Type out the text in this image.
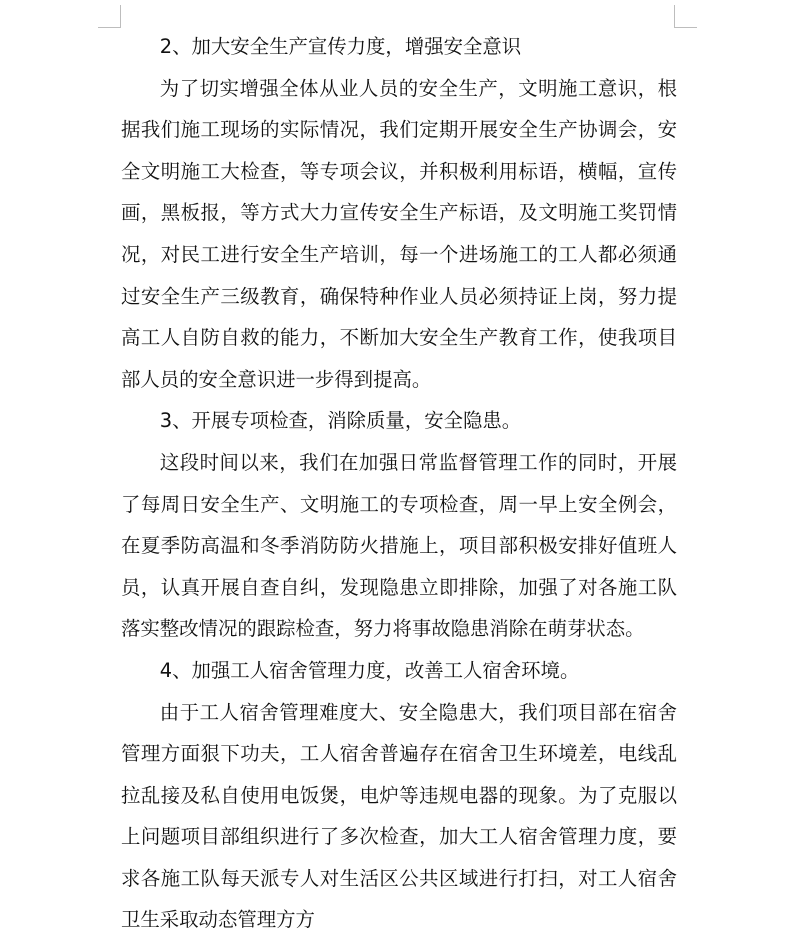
2、加大安全生产宣传力度，增强安全意识

为了切实增强全体从业人员的安全生产，文明施工意识，根据我们施工现场的实际情况，我们定期开展安全生产协调会，安全文明施工大检查，等专项会议，并积极利用标语，横幅，宣传画，黑板报，等方式大力宣传安全生产标语，及文明施工奖罚情况，对民工进行安全生产培训，每一个进场施工的工人都必须通过安全生产三级教育，确保特种作业人员必须持证上岗，努力提高工人自防自救的能力，不断加大安全生产教育工作，使我项目部人员的安全意识进一步得到提高。

3、开展专项检查，消除质量，安全隐患。

这段时间以来，我们在加强日常监督管理工作的同时，开展了每周日安全生产、文明施工的专项检查，周一早上安全例会，在夏季防高温和冬季消防防火措施上，项目部积极安排好值班人员，认真开展自查自纠，发现隐患立即排除，加强了对各施工队落实整改情况的跟踪检查，努力将事故隐患消除在萌芽状态。

4、加强工人宿舍管理力度，改善工人宿舍环境。

由于工人宿舍管理难度大、安全隐患大，我们项目部在宿舍管理方面狠下功夫，工人宿舍普遍存在宿舍卫生环境差，电线乱拉乱接及私自使用电饭煲，电炉等违规电器的现象。为了克服以上问题项目部组织进行了多次检查，加大工人宿舍管理力度，要求各施工队每天派专人对生活区公共区域进行打扫，对工人宿舍卫生采取动态管理方方
